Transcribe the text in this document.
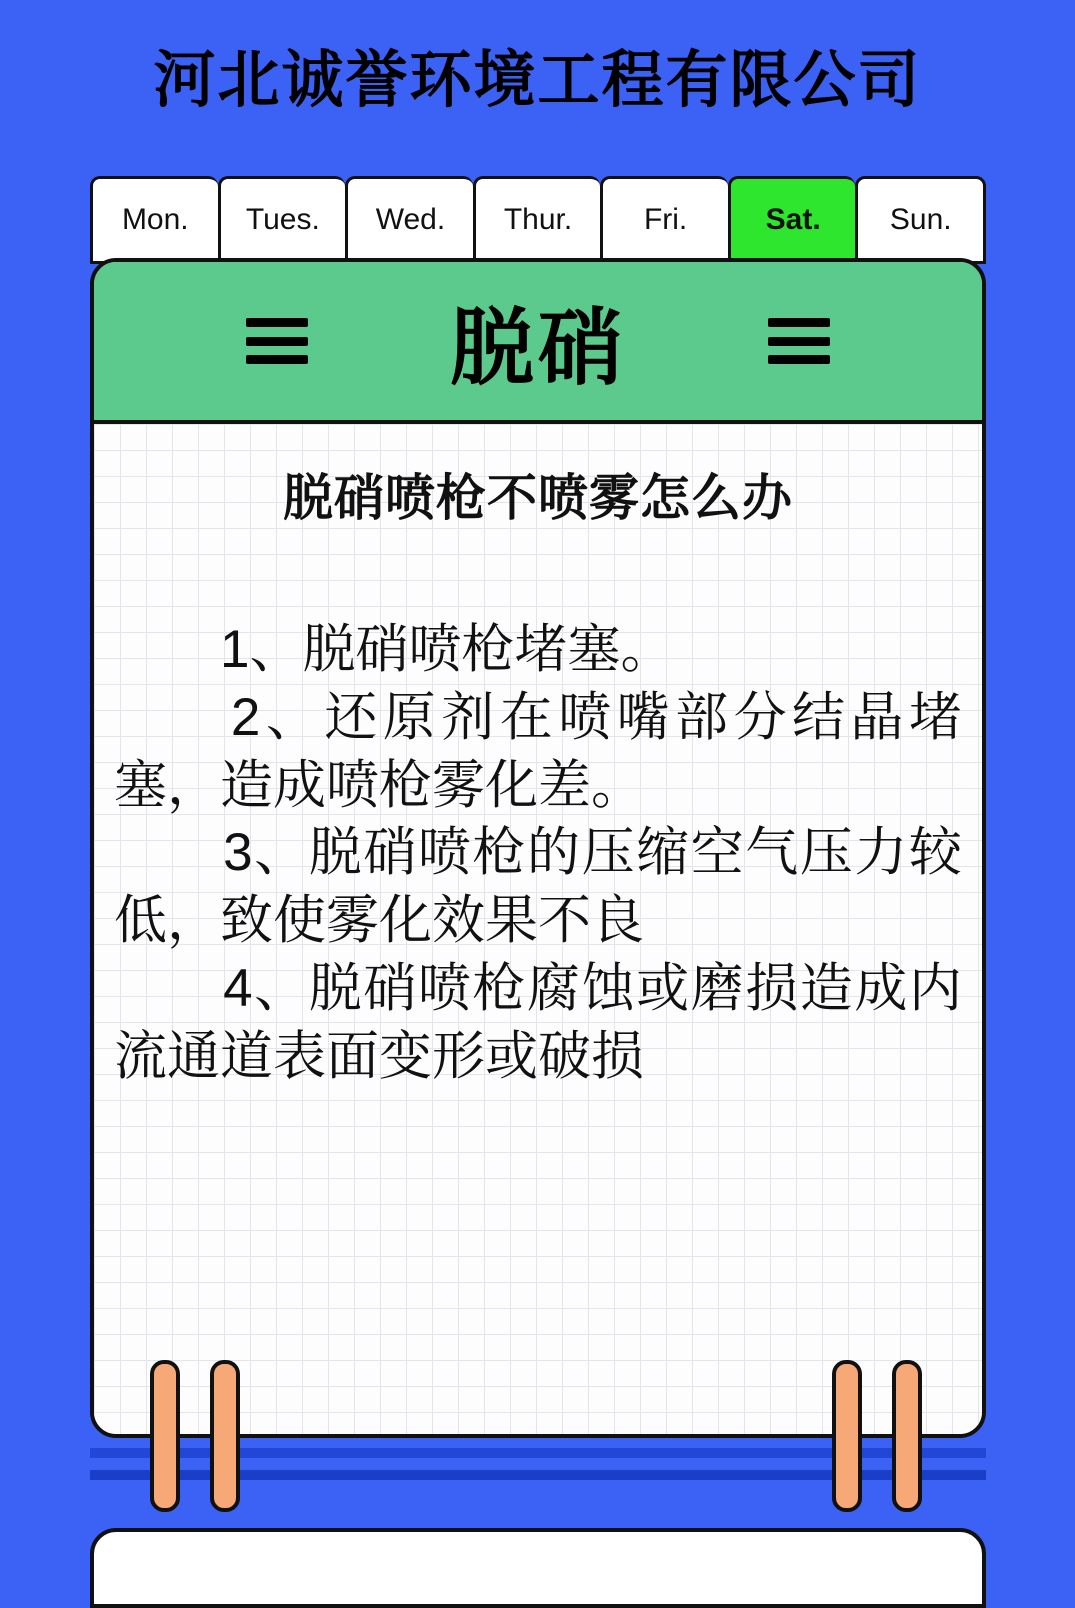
河北诚誉环境工程有限公司
Mon.	Tues.	Wed.	Thur.	Fri.	Sat.	Sun.
脱硝
脱硝喷枪不喷雾怎么办
　　1、脱硝喷枪堵塞。
　　2、还原剂在喷嘴部分结晶堵塞，造成喷枪雾化差。
　　3、脱硝喷枪的压缩空气压力较低，致使雾化效果不良
　　4、脱硝喷枪腐蚀或磨损造成内流通道表面变形或破损
